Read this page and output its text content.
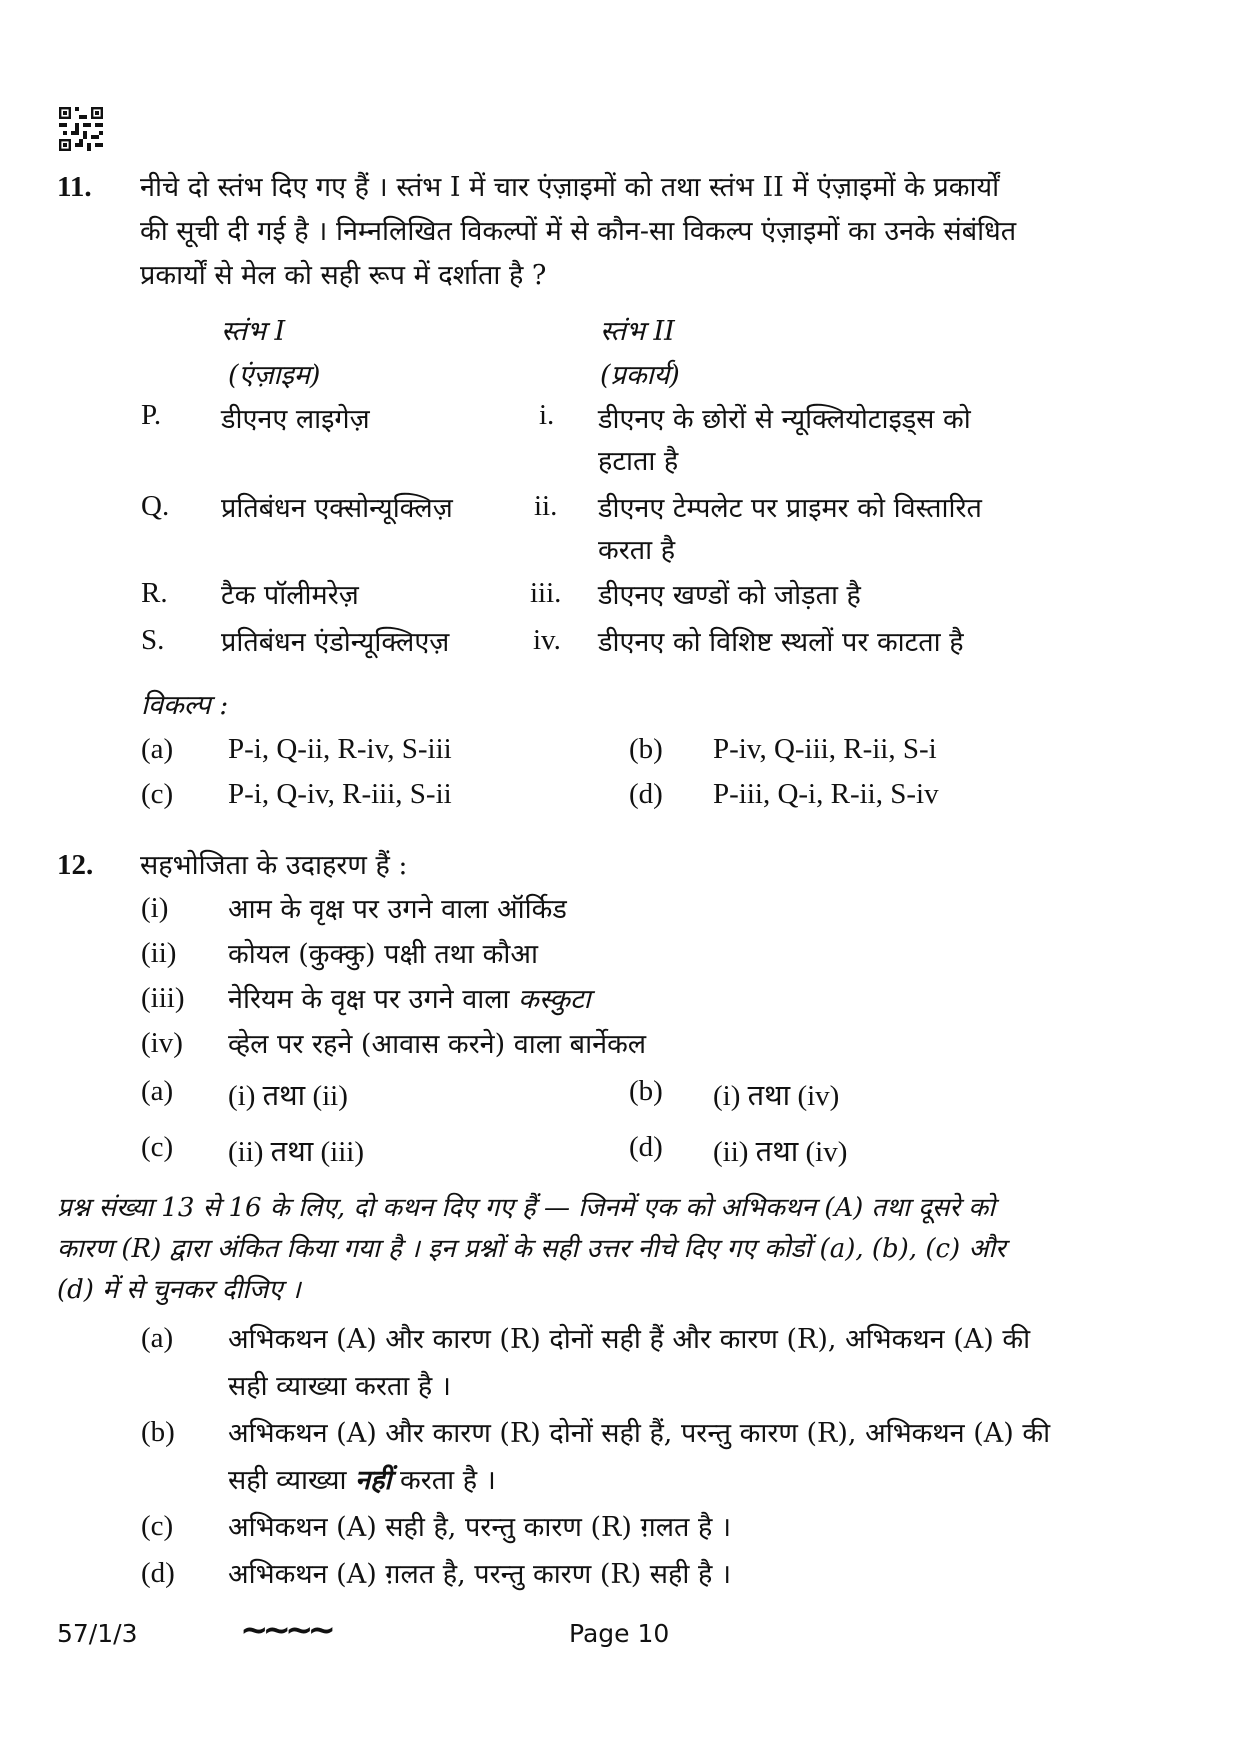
11. नीचे दो स्तंभ दिए गए हैं । स्तंभ I में चार एंज़ाइमों को तथा स्तंभ II में एंज़ाइमों के प्रकार्यों
की सूची दी गई है । निम्नलिखित विकल्पों में से कौन-सा विकल्प एंज़ाइमों का उनके संबंधित
प्रकार्यों से मेल को सही रूप में दर्शाता है ?
स्तंभ I
(एंज़ाइम)
स्तंभ II
(प्रकार्य)
P. डीएनए लाइगेज़	i. डीएनए के छोरों से न्यूक्लियोटाइड्स को
हटाता है
Q. प्रतिबंधन एक्सोन्यूक्लिज़	ii. डीएनए टेम्पलेट पर प्राइमर को विस्तारित
करता है
R. टैक पॉलीमरेज़	iii. डीएनए खण्डों को जोड़ता है
S. प्रतिबंधन एंडोन्यूक्लिएज़	iv. डीएनए को विशिष्ट स्थलों पर काटता है
विकल्प :
(a) P-i, Q-ii, R-iv, S-iii	(b) P-iv, Q-iii, R-ii, S-i
(c) P-i, Q-iv, R-iii, S-ii	(d) P-iii, Q-i, R-ii, S-iv
12. सहभोजिता के उदाहरण हैं :
(i) आम के वृक्ष पर उगने वाला ऑर्किड
(ii) कोयल (कुक्कु) पक्षी तथा कौआ
(iii) नेरियम के वृक्ष पर उगने वाला कस्कुटा
(iv) व्हेल पर रहने (आवास करने) वाला बार्नेकल
(a) (i) तथा (ii)	(b) (i) तथा (iv)
(c) (ii) तथा (iii)	(d) (ii) तथा (iv)
प्रश्न संख्या 13 से 16 के लिए, दो कथन दिए गए हैं — जिनमें एक को अभिकथन (A) तथा दूसरे को
कारण (R) द्वारा अंकित किया गया है । इन प्रश्नों के सही उत्तर नीचे दिए गए कोडों (a), (b), (c) और
(d) में से चुनकर दीजिए ।
(a) अभिकथन (A) और कारण (R) दोनों सही हैं और कारण (R), अभिकथन (A) की
सही व्याख्या करता है ।
(b) अभिकथन (A) और कारण (R) दोनों सही हैं, परन्तु कारण (R), अभिकथन (A) की
सही व्याख्या नहीं करता है ।
(c) अभिकथन (A) सही है, परन्तु कारण (R) ग़लत है ।
(d) अभिकथन (A) ग़लत है, परन्तु कारण (R) सही है ।
57/1/3	~~~~	Page 10
